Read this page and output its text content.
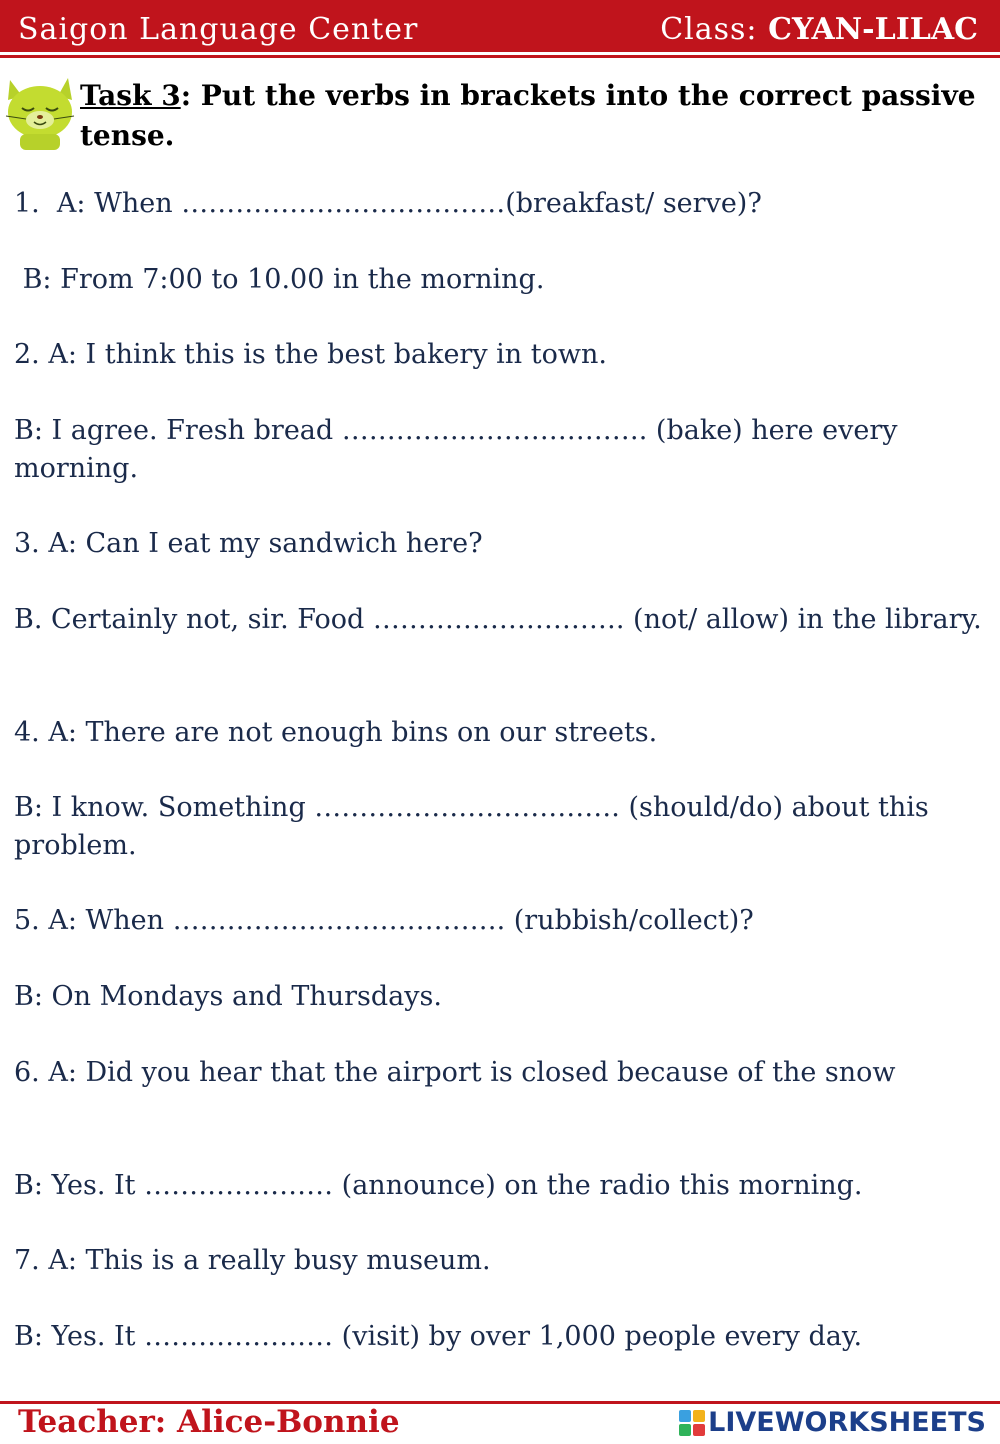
Saigon Language Center	Class: CYAN-LILAC
Task 3: Put the verbs in brackets into the correct passive tense.
1.  A: When ………………………………(breakfast/ serve)?
B: From 7:00 to 10.00 in the morning.
2. A: I think this is the best bakery in town.
B: I agree. Fresh bread ……………………………. (bake) here every morning.
3. A: Can I eat my sandwich here?
B. Certainly not, sir. Food ………………………. (not/ allow) in the library.
4. A: There are not enough bins on our streets.
B: I know. Something ……………………………. (should/do) about this problem.
5. A: When ………………………………. (rubbish/collect)?
B: On Mondays and Thursdays.
6. A: Did you hear that the airport is closed because of the snow
B: Yes. It ………………… (announce) on the radio this morning.
7. A: This is a really busy museum.
B: Yes. It ………………… (visit) by over 1,000 people every day.
Teacher: Alice-Bonnie	LIVEWORKSHEETS
